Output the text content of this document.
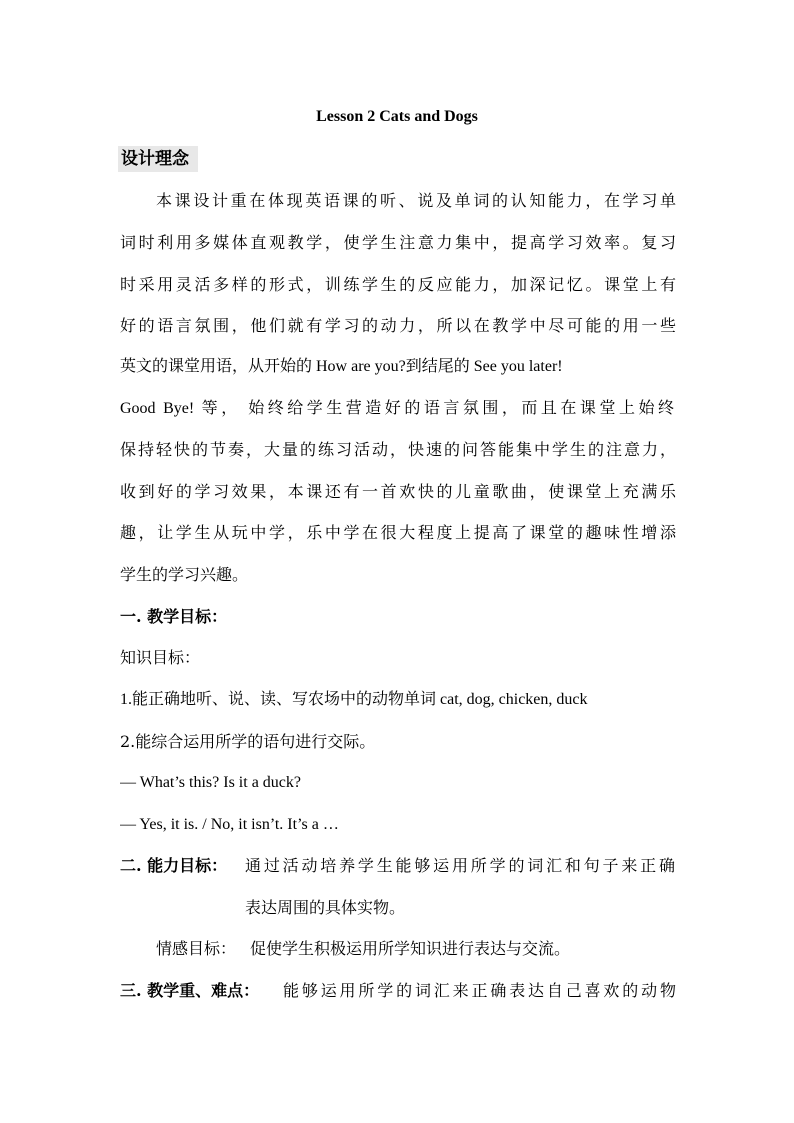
Lesson 2 Cats and Dogs
设计理念
本课设计重在体现英语课的听、说及单词的认知能力，在学习单
词时利用多媒体直观教学，使学生注意力集中，提高学习效率。复习
时采用灵活多样的形式，训练学生的反应能力，加深记忆。课堂上有
好的语言氛围，他们就有学习的动力，所以在教学中尽可能的用一些
英文的课堂用语，从开始的 How are you?到结尾的 See you later!
Good Bye! 等， 始终给学生营造好的语言氛围，而且在课堂上始终
保持轻快的节奏，大量的练习活动，快速的问答能集中学生的注意力，
收到好的学习效果，本课还有一首欢快的儿童歌曲，使课堂上充满乐
趣，让学生从玩中学，乐中学在很大程度上提高了课堂的趣味性增添
学生的学习兴趣。
一. 教学目标：
知识目标：
1.能正确地听、说、读、写农场中的动物单词 cat, dog, chicken, duck
2.能综合运用所学的语句进行交际。
— What’s this? Is it a duck?
— Yes, it is. / No, it isn’t. It’s a …
二. 能力目标：	通过活动培养学生能够运用所学的词汇和句子来正确
表达周围的具体实物。
情感目标： 促使学生积极运用所学知识进行表达与交流。
三. 教学重、难点：	能够运用所学的词汇来正确表达自己喜欢的动物
